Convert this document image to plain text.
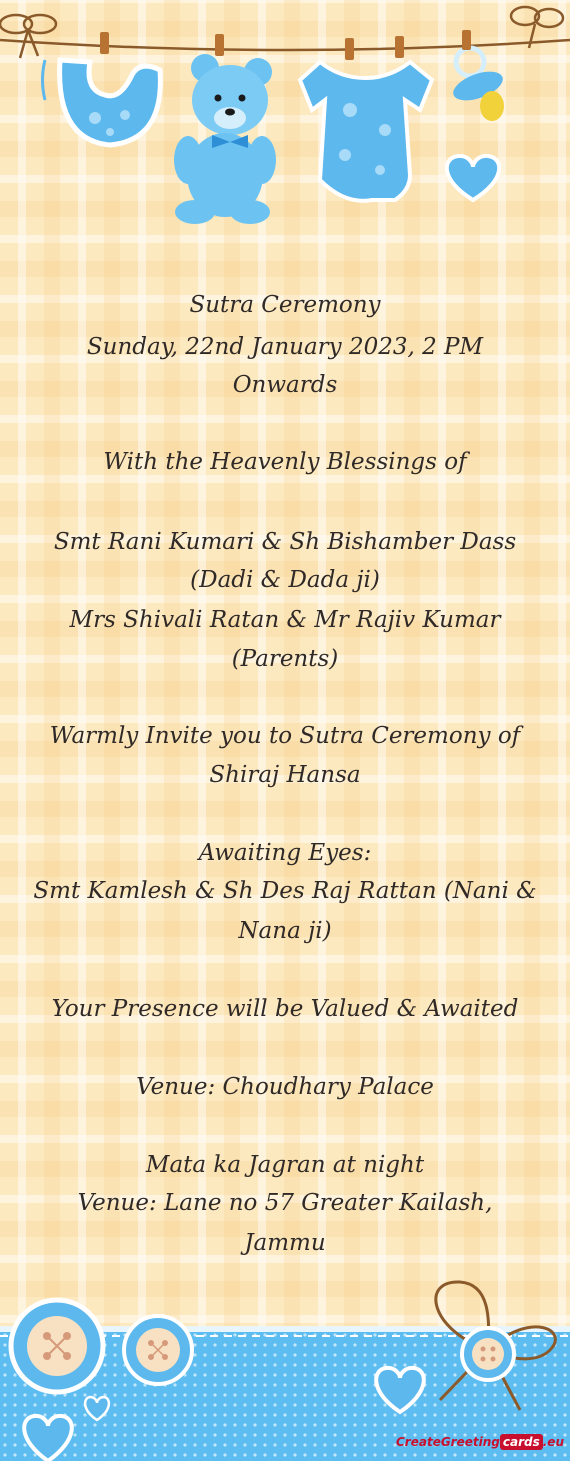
Sutra Ceremony
Sunday, 22nd January 2023, 2 PM
Onwards
With the Heavenly Blessings of
Smt Rani Kumari & Sh Bishamber Dass
(Dadi & Dada ji)
Mrs Shivali Ratan & Mr Rajiv Kumar
(Parents)
Warmly Invite you to Sutra Ceremony of
Shiraj Hansa
Awaiting Eyes:
Smt Kamlesh & Sh Des Raj Rattan (Nani &
Nana ji)
Your Presence will be Valued & Awaited
Venue: Choudhary Palace
Mata ka Jagran at night
Venue: Lane no 57 Greater Kailash,
Jammu
CreateGreeting cards .eu
